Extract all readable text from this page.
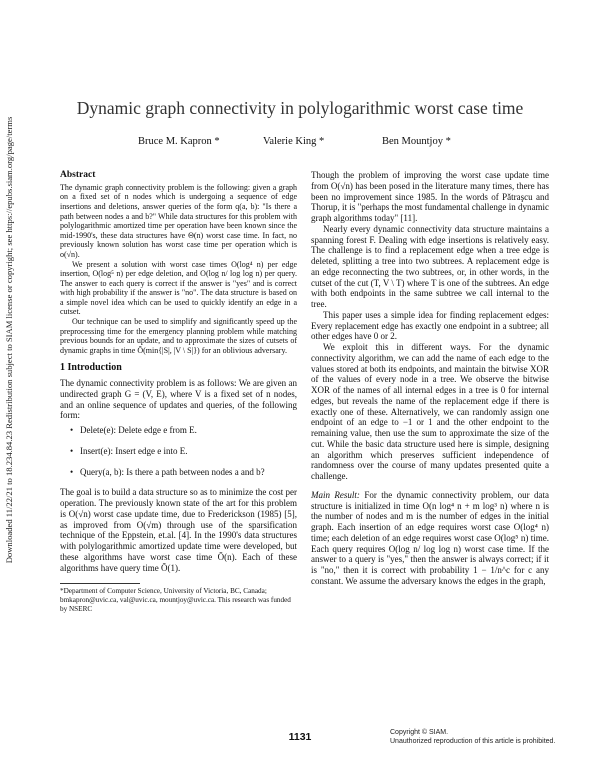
Downloaded 11/22/21 to 18.234.84.23 Redistribution subject to SIAM license or copyright; see https://epubs.siam.org/page/terms
Dynamic graph connectivity in polylogarithmic worst case time
Bruce M. Kapron *	Valerie King *	Ben Mountjoy *

Abstract

The dynamic graph connectivity problem is the following: given a graph on a fixed set of n nodes which is undergoing a sequence of edge insertions and deletions, answer queries of the form q(a, b): "Is there a path between nodes a and b?" While data structures for this problem with polylogarithmic amortized time per operation have been known since the mid-1990's, these data structures have Θ(n) worst case time. In fact, no previously known solution has worst case time per operation which is o(√n).

We present a solution with worst case times O(log⁴ n) per edge insertion, O(log⁵ n) per edge deletion, and O(log n/ log log n) per query. The answer to each query is correct if the answer is "yes" and is correct with high probability if the answer is "no". The data structure is based on a simple novel idea which can be used to quickly identify an edge in a cutset.

Our technique can be used to simplify and significantly speed up the preprocessing time for the emergency planning problem while matching previous bounds for an update, and to approximate the sizes of cutsets of dynamic graphs in time Õ(min{|S|, |V \ S|}) for an oblivious adversary.

1 Introduction

The dynamic connectivity problem is as follows: We are given an undirected graph G = (V, E), where V is a fixed set of n nodes, and an online sequence of updates and queries, of the following form:

• Delete(e): Delete edge e from E.
• Insert(e): Insert edge e into E.
• Query(a, b): Is there a path between nodes a and b?

The goal is to build a data structure so as to minimize the cost per operation. The previously known state of the art for this problem is O(√n) worst case update time, due to Frederickson (1985) [5], as improved from O(√m) through use of the sparsification technique of the Eppstein, et.al. [4]. In the 1990's data structures with polylogarithmic amortized update time were developed, but these algorithms have worst case time Õ(n). Each of these algorithms have query time Õ(1).

*Department of Computer Science, University of Victoria, BC, Canada; bmkapron@uvic.ca, val@uvic.ca, mountjoy@uvic.ca. This research was funded by NSERC

Though the problem of improving the worst case update time from O(√n) has been posed in the literature many times, there has been no improvement since 1985. In the words of Pǎtraşcu and Thorup, it is "perhaps the most fundamental challenge in dynamic graph algorithms today" [11].

Nearly every dynamic connectivity data structure maintains a spanning forest F. Dealing with edge insertions is relatively easy. The challenge is to find a replacement edge when a tree edge is deleted, splitting a tree into two subtrees. A replacement edge is an edge reconnecting the two subtrees, or, in other words, in the cutset of the cut (T, V \ T) where T is one of the subtrees. An edge with both endpoints in the same subtree we call internal to the tree.

This paper uses a simple idea for finding replacement edges: Every replacement edge has exactly one endpoint in a subtree; all other edges have 0 or 2.

We exploit this in different ways. For the dynamic connectivity algorithm, we can add the name of each edge to the values stored at both its endpoints, and maintain the bitwise XOR of the values of every node in a tree. We observe the bitwise XOR of the names of all internal edges in a tree is 0 for internal edges, but reveals the name of the replacement edge if there is exactly one of these. Alternatively, we can randomly assign one endpoint of an edge to −1 or 1 and the other endpoint to the remaining value, then use the sum to approximate the size of the cut. While the basic data structure used here is simple, designing an algorithm which preserves sufficient independence of randomness over the course of many updates presented quite a challenge.

Main Result: For the dynamic connectivity problem, our data structure is initialized in time O(n log⁴ n + m log³ n) where n is the number of nodes and m is the number of edges in the initial graph. Each insertion of an edge requires worst case O(log⁴ n) time; each deletion of an edge requires worst case O(log⁵ n) time. Each query requires O(log n/ log log n) worst case time. If the answer to a query is "yes," then the answer is always correct; if it is "no," then it is correct with probability 1 − 1/n^c for c any constant. We assume the adversary knows the edges in the graph,

1131	Copyright © SIAM.
Unauthorized reproduction of this article is prohibited.
